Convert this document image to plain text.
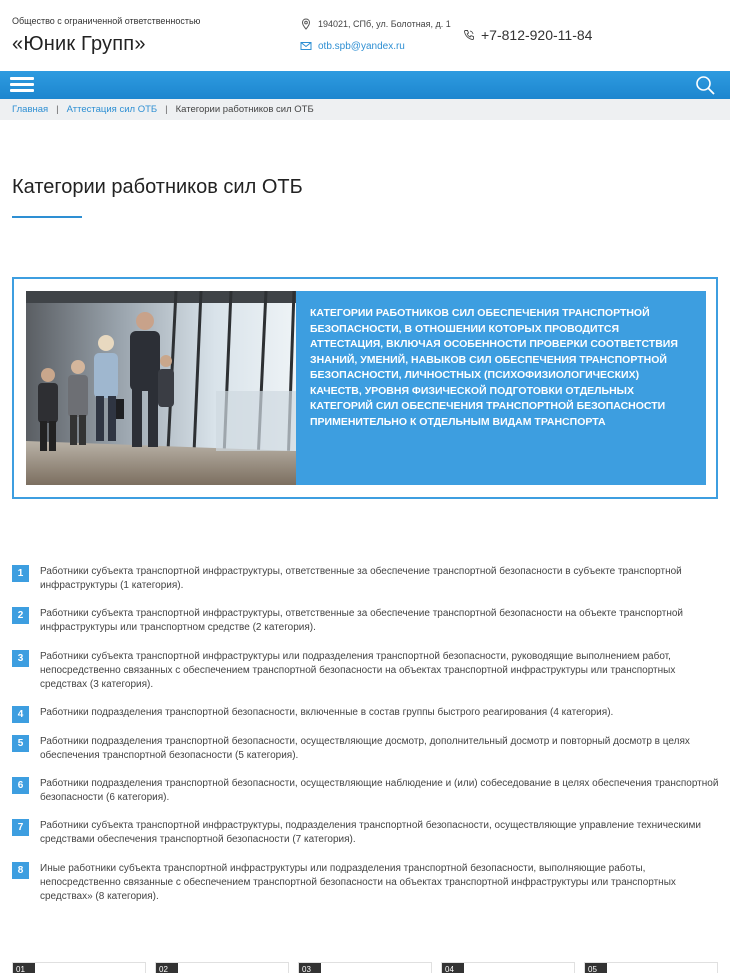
Общество с ограниченной ответственностью
«Юник Групп»
194021, СПб, ул. Болотная, д. 1
otb.spb@yandex.ru
+7-812-920-11-84
Главная | Аттестация сил ОТБ | Категории работников сил ОТБ
Категории работников сил ОТБ
КАТЕГОРИИ РАБОТНИКОВ СИЛ ОБЕСПЕЧЕНИЯ ТРАНСПОРТНОЙ БЕЗОПАСНОСТИ, В ОТНОШЕНИИ КОТОРЫХ ПРОВОДИТСЯ АТТЕСТАЦИЯ, ВКЛЮЧАЯ ОСОБЕННОСТИ ПРОВЕРКИ СООТВЕТСТВИЯ ЗНАНИЙ, УМЕНИЙ, НАВЫКОВ СИЛ ОБЕСПЕЧЕНИЯ ТРАНСПОРТНОЙ БЕЗОПАСНОСТИ, ЛИЧНОСТНЫХ (ПСИХОФИЗИОЛОГИЧЕСКИХ) КАЧЕСТВ, УРОВНЯ ФИЗИЧЕСКОЙ ПОДГОТОВКИ ОТДЕЛЬНЫХ КАТЕГОРИЙ СИЛ ОБЕСПЕЧЕНИЯ ТРАНСПОРТНОЙ БЕЗОПАСНОСТИ ПРИМЕНИТЕЛЬНО К ОТДЕЛЬНЫМ ВИДАМ ТРАНСПОРТА
1	Работники субъекта транспортной инфраструктуры, ответственные за обеспечение транспортной безопасности в субъекте транспортной инфраструктуры (1 категория).
2	Работники субъекта транспортной инфраструктуры, ответственные за обеспечение транспортной безопасности на объекте транспортной инфраструктуры или транспортном средстве (2 категория).
3	Работники субъекта транспортной инфраструктуры или подразделения транспортной безопасности, руководящие выполнением работ, непосредственно связанных с обеспечением транспортной безопасности на объектах транспортной инфраструктуры или транспортных средствах (3 категория).
4	Работники подразделения транспортной безопасности, включенные в состав группы быстрого реагирования (4 категория).
5	Работники подразделения транспортной безопасности, осуществляющие досмотр, дополнительный досмотр и повторный досмотр в целях обеспечения транспортной безопасности (5 категория).
6	Работники подразделения транспортной безопасности, осуществляющие наблюдение и (или) собеседование в целях обеспечения транспортной безопасности (6 категория).
7	Работники субъекта транспортной инфраструктуры, подразделения транспортной безопасности, осуществляющие управление техническими средствами обеспечения транспортной безопасности (7 категория).
8	Иные работники субъекта транспортной инфраструктуры или подразделения транспортной безопасности, выполняющие работы, непосредственно связанные с обеспечением транспортной безопасности на объектах транспортной инфраструктуры или транспортных средствах» (8 категория).
01	02	03	04	05
